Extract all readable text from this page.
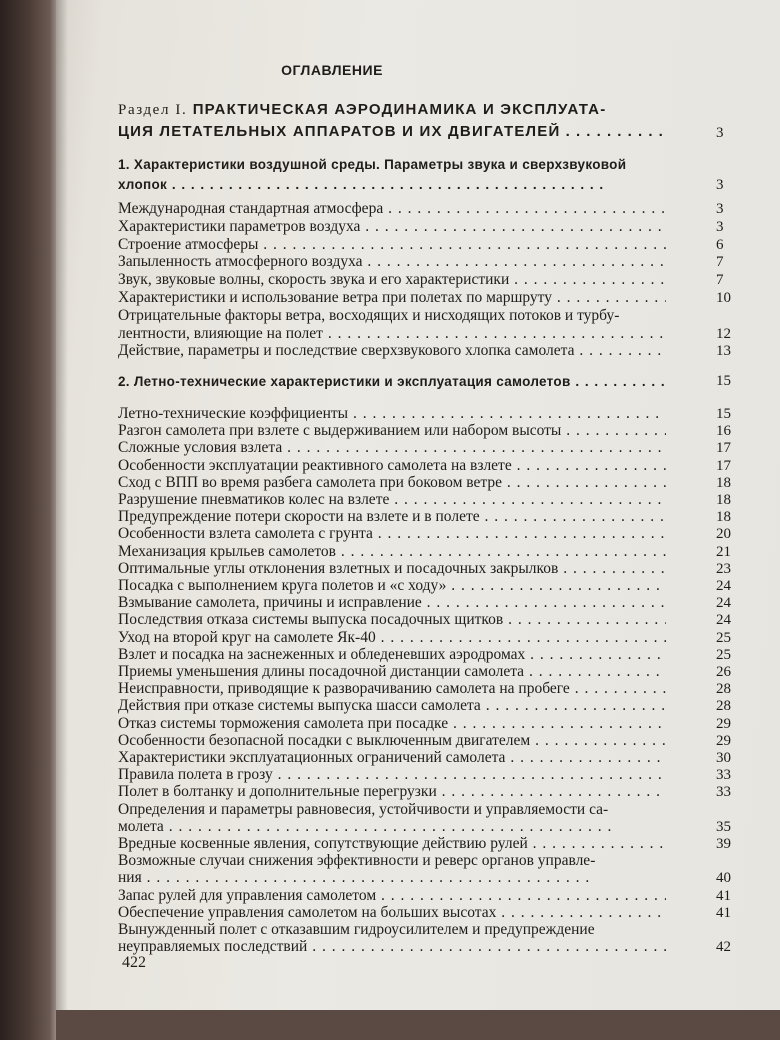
ОГЛАВЛЕНИЕ
Раздел I. ПРАКТИЧЕСКАЯ АЭРОДИНАМИКА И ЭКСПЛУАТА-
ЦИЯ ЛЕТАТЕЛЬНЫХ АППАРАТОВ И ИХ ДВИГАТЕЛЕЙ . . .	3
1. Характеристики воздушной среды. Параметры звука и сверхзвуковой
хлопок . . .	3
Международная стандартная атмосфера . . .	3
Характеристики параметров воздуха . . .	3
Строение атмосферы . . .	6
Запыленность атмосферного воздуха . . .	7
Звук, звуковые волны, скорость звука и его характеристики . . .	7
Характеристики и использование ветра при полетах по маршруту . . .	10
Отрицательные факторы ветра, восходящих и нисходящих потоков и турбу-
лентности, влияющие на полет . . .	12
Действие, параметры и последствие сверхзвукового хлопка самолета . . .	13
2. Летно-технические характеристики и эксплуатация самолетов . . .	15
Летно-технические коэффициенты . . .	15
Разгон самолета при взлете с выдерживанием или набором высоты . . .	16
Сложные условия взлета . . .	17
Особенности эксплуатации реактивного самолета на взлете . . .	17
Сход с ВПП во время разбега самолета при боковом ветре . . .	18
Разрушение пневматиков колес на взлете . . .	18
Предупреждение потери скорости на взлете и в полете . . .	18
Особенности взлета самолета с грунта . . .	20
Механизация крыльев самолетов . . .	21
Оптимальные углы отклонения взлетных и посадочных закрылков . . .	23
Посадка с выполнением круга полетов и «с ходу» . . .	24
Взмывание самолета, причины и исправление . . .	24
Последствия отказа системы выпуска посадочных щитков . . .	24
Уход на второй круг на самолете Як-40 . . .	25
Взлет и посадка на заснеженных и обледеневших аэродромах . . .	25
Приемы уменьшения длины посадочной дистанции самолета . . .	26
Неисправности, приводящие к разворачиванию самолета на пробеге . . .	28
Действия при отказе системы выпуска шасси самолета . . .	28
Отказ системы торможения самолета при посадке . . .	29
Особенности безопасной посадки с выключенным двигателем . . .	29
Характеристики эксплуатационных ограничений самолета . . .	30
Правила полета в грозу . . .	33
Полет в болтанку и дополнительные перегрузки . . .	33
Определения и параметры равновесия, устойчивости и управляемости са-
молета . . .	35
Вредные косвенные явления, сопутствующие действию рулей . . .	39
Возможные случаи снижения эффективности и реверс органов управле-
ния . . .	40
Запас рулей для управления самолетом . . .	41
Обеспечение управления самолетом на больших высотах . . .	41
Вынужденный полет с отказавшим гидроусилителем и предупреждение
неуправляемых последствий . . .	42
422
